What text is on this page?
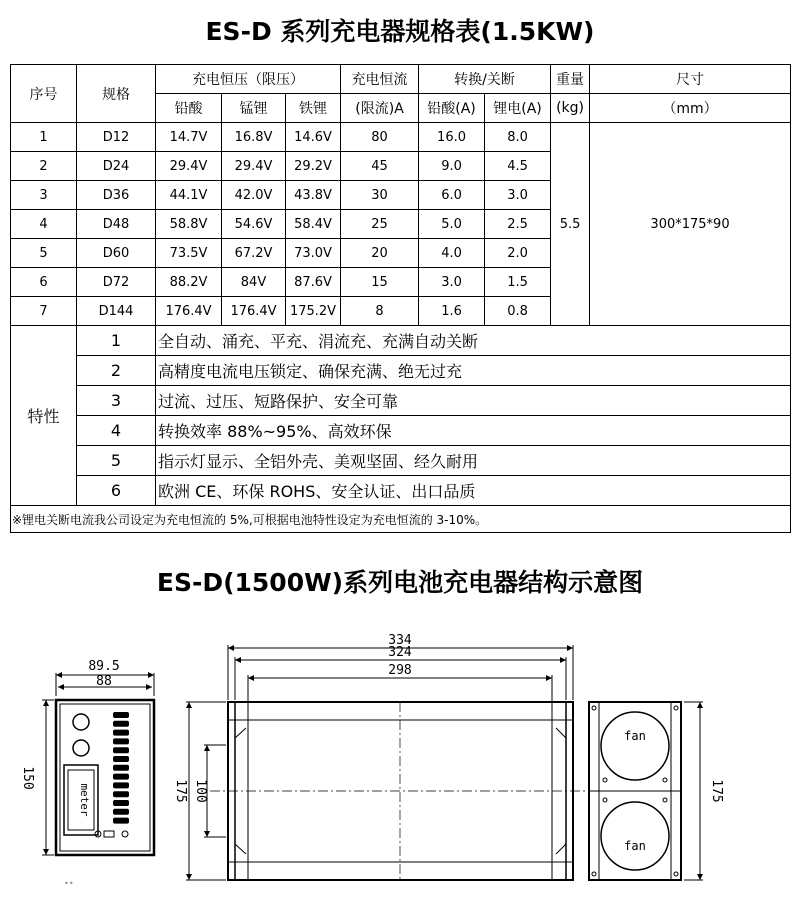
ES-D 系列充电器规格表(1.5KW)
序号	规格	充电恒压（限压）			充电恒流	转换/关断		重量	尺寸
		铅酸	锰锂	铁锂	(限流)A	铅酸(A)	锂电(A)	(kg)	（mm）
1	D12	14.7V	16.8V	14.6V	80	16.0	8.0	5.5	300*175*90
2	D24	29.4V	29.4V	29.2V	45	9.0	4.5		
3	D36	44.1V	42.0V	43.8V	30	6.0	3.0		
4	D48	58.8V	54.6V	58.4V	25	5.0	2.5		
5	D60	73.5V	67.2V	73.0V	20	4.0	2.0		
6	D72	88.2V	84V	87.6V	15	3.0	1.5		
7	D144	176.4V	176.4V	175.2V	8	1.6	0.8		
特性	1	全自动、涌充、平充、涓流充、充满自动关断							
	2	高精度电流电压锁定、确保充满、绝无过充							
	3	过流、过压、短路保护、安全可靠							
	4	转换效率 88%~95%、高效环保							
	5	指示灯显示、全铝外壳、美观坚固、经久耐用							
	6	欧洲 CE、环保 ROHS、安全认证、出口品质							
※锂电关断电流我公司设定为充电恒流的 5%,可根据电池特性设定为充电恒流的 3-10%。									
ES-D(1500W)系列电池充电器结构示意图
89.5
88
meter
150
••
334
324
298
175 100
fan
fan
175
